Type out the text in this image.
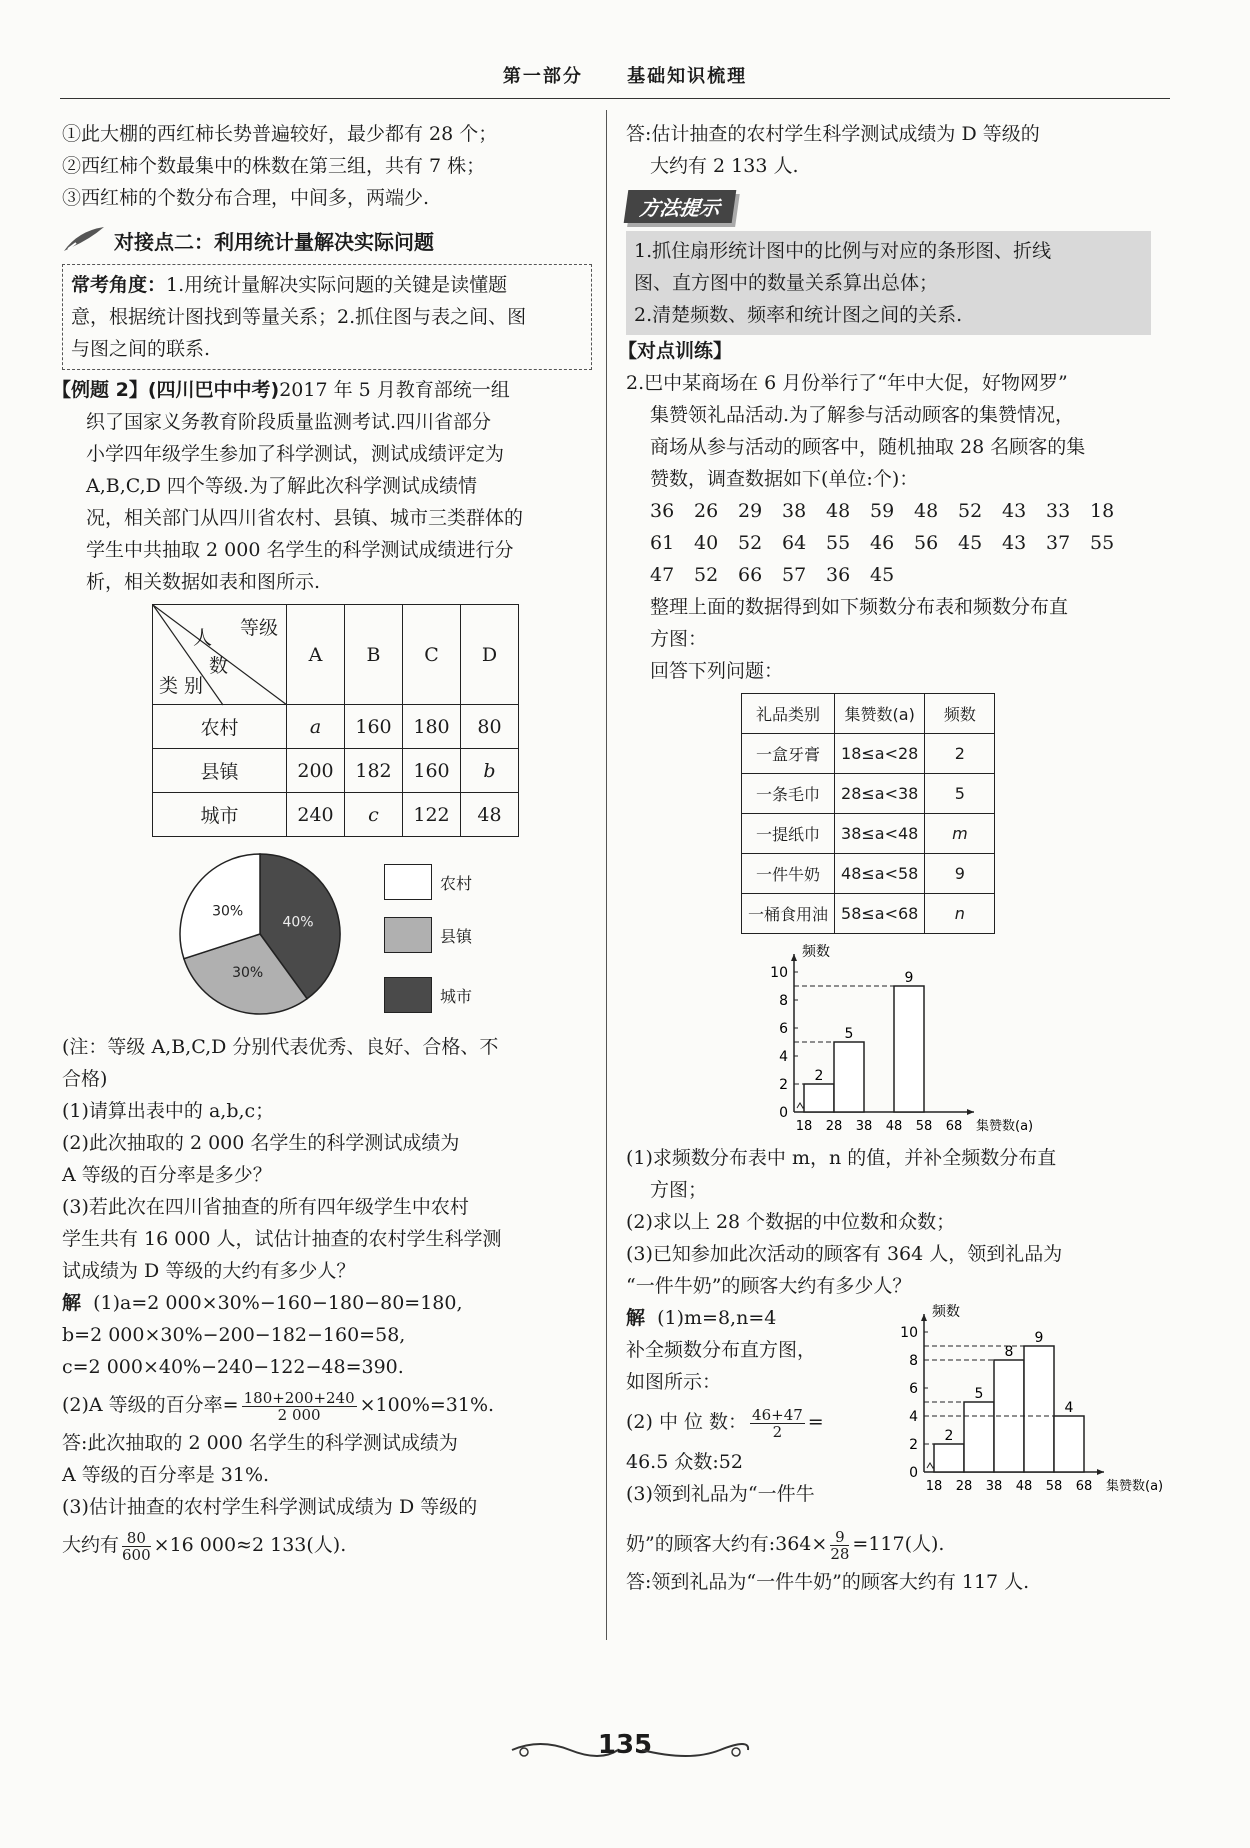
第一部分 基础知识梳理

①此大棚的西红柿长势普遍较好，最少都有 28 个；

②西红柿个数最集中的株数在第三组，共有 7 株；

③西红柿的个数分布合理，中间多，两端少.

对接点二：利用统计量解决实际问题
常考角度：1.用统计量解决实际问题的关键是读懂题
意，根据统计图找到等量关系；2.抓住图与表之间、图
与图之间的联系.

【例题 2】(四川巴中中考)2017 年 5 月教育部统一组

织了国家义务教育阶段质量监测考试.四川省部分

小学四年级学生参加了科学测试，测试成绩评定为

A,B,C,D 四个等级.为了解此次科学测试成绩情

况，相关部门从四川省农村、县镇、城市三类群体的

学生中共抽取 2 000 名学生的科学测试成绩进行分

析，相关数据如表和图所示.

等级
人
数
类 别	A	B	C	D
农村	a	160	180	80
县镇	200	182	160	b
城市	240	c	122	48
40%
30%
30%
农村
县镇
城市

(注：等级 A,B,C,D 分别代表优秀、良好、合格、不

合格)

(1)请算出表中的 a,b,c；

(2)此次抽取的 2 000 名学生的科学测试成绩为

A 等级的百分率是多少？

(3)若此次在四川省抽查的所有四年级学生中农村

学生共有 16 000 人，试估计抽查的农村学生科学测

试成绩为 D 等级的大约有多少人？

解 (1)a=2 000×30%−160−180−80=180,

b=2 000×30%−200−182−160=58,

c=2 000×40%−240−122−48=390.

(2)A 等级的百分率= $\frac{180+200+240}{2 000} \times 100\%=31\%$.

答:此次抽取的 2 000 名学生的科学测试成绩为

A 等级的百分率是 31%.

(3)估计抽查的农村学生科学测试成绩为 D 等级的

大约有 $\frac{80}{600} \times 16$ 000≈2 133(人).

答:估计抽查的农村学生科学测试成绩为 D 等级的

大约有 2 133 人.

方法提示
1.抓住扇形统计图中的比例与对应的条形图、折线
图、直方图中的数量关系算出总体；
2.清楚频数、频率和统计图之间的关系.

【对点训练】

2.巴中某商场在 6 月份举行了“年中大促，好物网罗”

集赞领礼品活动.为了解参与活动顾客的集赞情况，

商场从参与活动的顾客中，随机抽取 28 名顾客的集

赞数，调查数据如下(单位:个)：

36	26	29	38	48	59	48	52	43	33	18
61	40	52	64	55	46	56	45	43	37	55
47	52	66	57	36	45

整理上面的数据得到如下频数分布表和频数分布直

方图：

回答下列问题：

礼品类别	集赞数(a)	频数
一盒牙膏	18≤a<28	2
一条毛巾	28≤a<38	5
一提纸巾	38≤a<48	m
一件牛奶	48≤a<58	9
一桶食用油	58≤a<68	n
0
2
4
6
8
10
18 28 38 48 58 68 集赞数(a)
频数
2
5
9

(1)求频数分布表中 m，n 的值，并补全频数分布直

方图；

(2)求以上 28 个数据的中位数和众数；

(3)已知参加此次活动的顾客有 364 人，领到礼品为

“一件牛奶”的顾客大约有多少人？

解 (1)m=8,n=4

补全频数分布直方图，

如图所示：

(2) 中 位 数： $\frac{46+47}{2}$ =

46.5 众数:52

(3)领到礼品为“一件牛

0
2
4
6
8
10
18 28 38 48 58 68 集赞数(a)
频数
2
5
8
9
4

奶”的顾客大约有:364× $\frac{9}{28} =117$(人).

答:领到礼品为“一件牛奶”的顾客大约有 117 人.

135
